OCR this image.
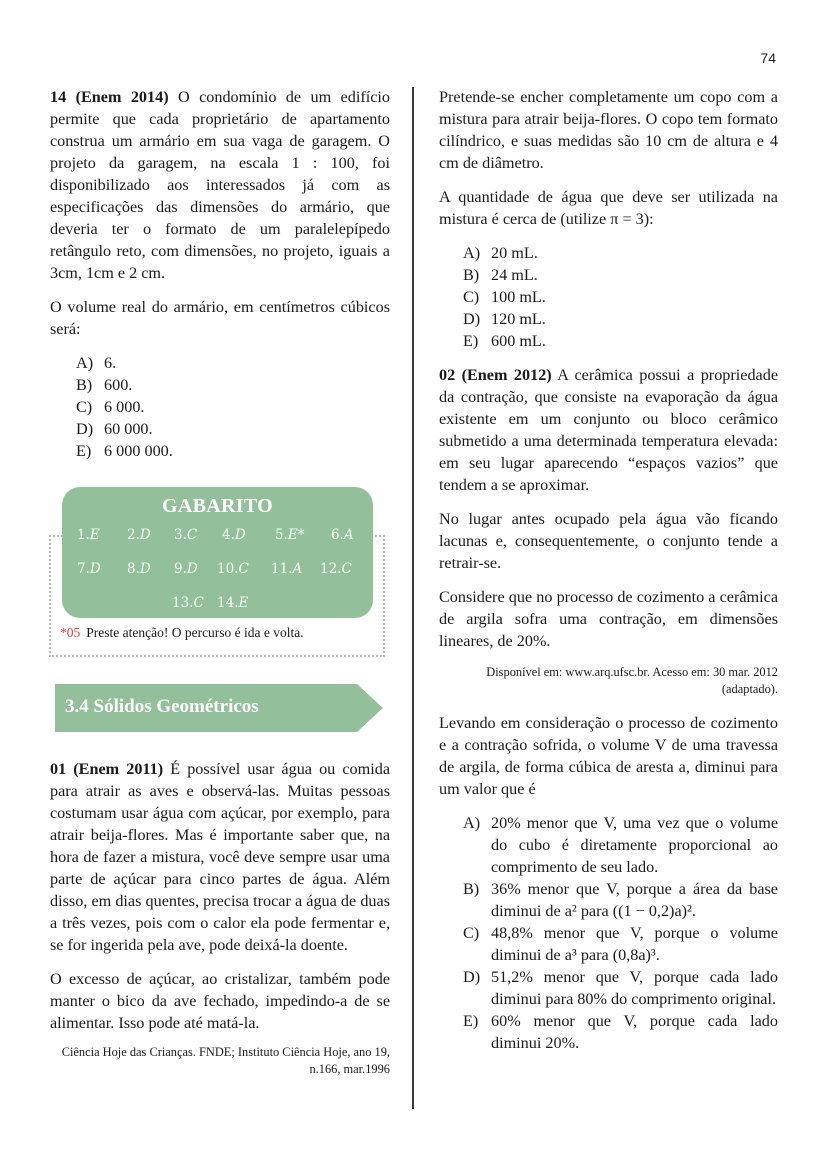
74

14 (Enem 2014) O condomínio de um edifício permite que cada proprietário de apartamento construa um armário em sua vaga de garagem. O projeto da garagem, na escala 1 : 100, foi disponibilizado aos interessados já com as especificações das dimensões do armário, que deveria ter o formato de um paralelepípedo retângulo reto, com dimensões, no projeto, iguais a 3cm, 1cm e 2 cm.

O volume real do armário, em centímetros cúbicos será:

A) 6.
B) 600.
C) 6 000.
D) 60 000.
E) 6 000 000.
GABARITO
1.E 2.D 3.C 4.D 5.E* 6.A
7.D 8.D 9.D 10.C 11.A 12.C
13.C 14.E
*05 Preste atenção! O percurso é ida e volta.
3.4 Sólidos Geométricos

01 (Enem 2011) É possível usar água ou comida para atrair as aves e observá-las. Muitas pessoas costumam usar água com açúcar, por exemplo, para atrair beija-flores. Mas é importante saber que, na hora de fazer a mistura, você deve sempre usar uma parte de açúcar para cinco partes de água. Além disso, em dias quentes, precisa trocar a água de duas a três vezes, pois com o calor ela pode fermentar e, se for ingerida pela ave, pode deixá-la doente.

O excesso de açúcar, ao cristalizar, também pode manter o bico da ave fechado, impedindo-a de se alimentar. Isso pode até matá-la.

Ciência Hoje das Crianças. FNDE; Instituto Ciência Hoje, ano 19, n.166, mar.1996

Pretende-se encher completamente um copo com a mistura para atrair beija-flores. O copo tem formato cilíndrico, e suas medidas são 10 cm de altura e 4 cm de diâmetro.

A quantidade de água que deve ser utilizada na mistura é cerca de (utilize π = 3):

A) 20 mL.
B) 24 mL.
C) 100 mL.
D) 120 mL.
E) 600 mL.

02 (Enem 2012) A cerâmica possui a propriedade da contração, que consiste na evaporação da água existente em um conjunto ou bloco cerâmico submetido a uma determinada temperatura elevada: em seu lugar aparecendo “espaços vazios” que tendem a se aproximar.

No lugar antes ocupado pela água vão ficando lacunas e, consequentemente, o conjunto tende a retrair-se.

Considere que no processo de cozimento a cerâmica de argila sofra uma contração, em dimensões lineares, de 20%.

Disponível em: www.arq.ufsc.br. Acesso em: 30 mar. 2012 (adaptado).

Levando em consideração o processo de cozimento e a contração sofrida, o volume V de uma travessa de argila, de forma cúbica de aresta a, diminui para um valor que é

A) 20% menor que V, uma vez que o volume do cubo é diretamente proporcional ao comprimento de seu lado.
B) 36% menor que V, porque a área da base diminui de a² para ((1 − 0,2)a)².
C) 48,8% menor que V, porque o volume diminui de a³ para (0,8a)³.
D) 51,2% menor que V, porque cada lado diminui para 80% do comprimento original.
E) 60% menor que V, porque cada lado diminui 20%.
